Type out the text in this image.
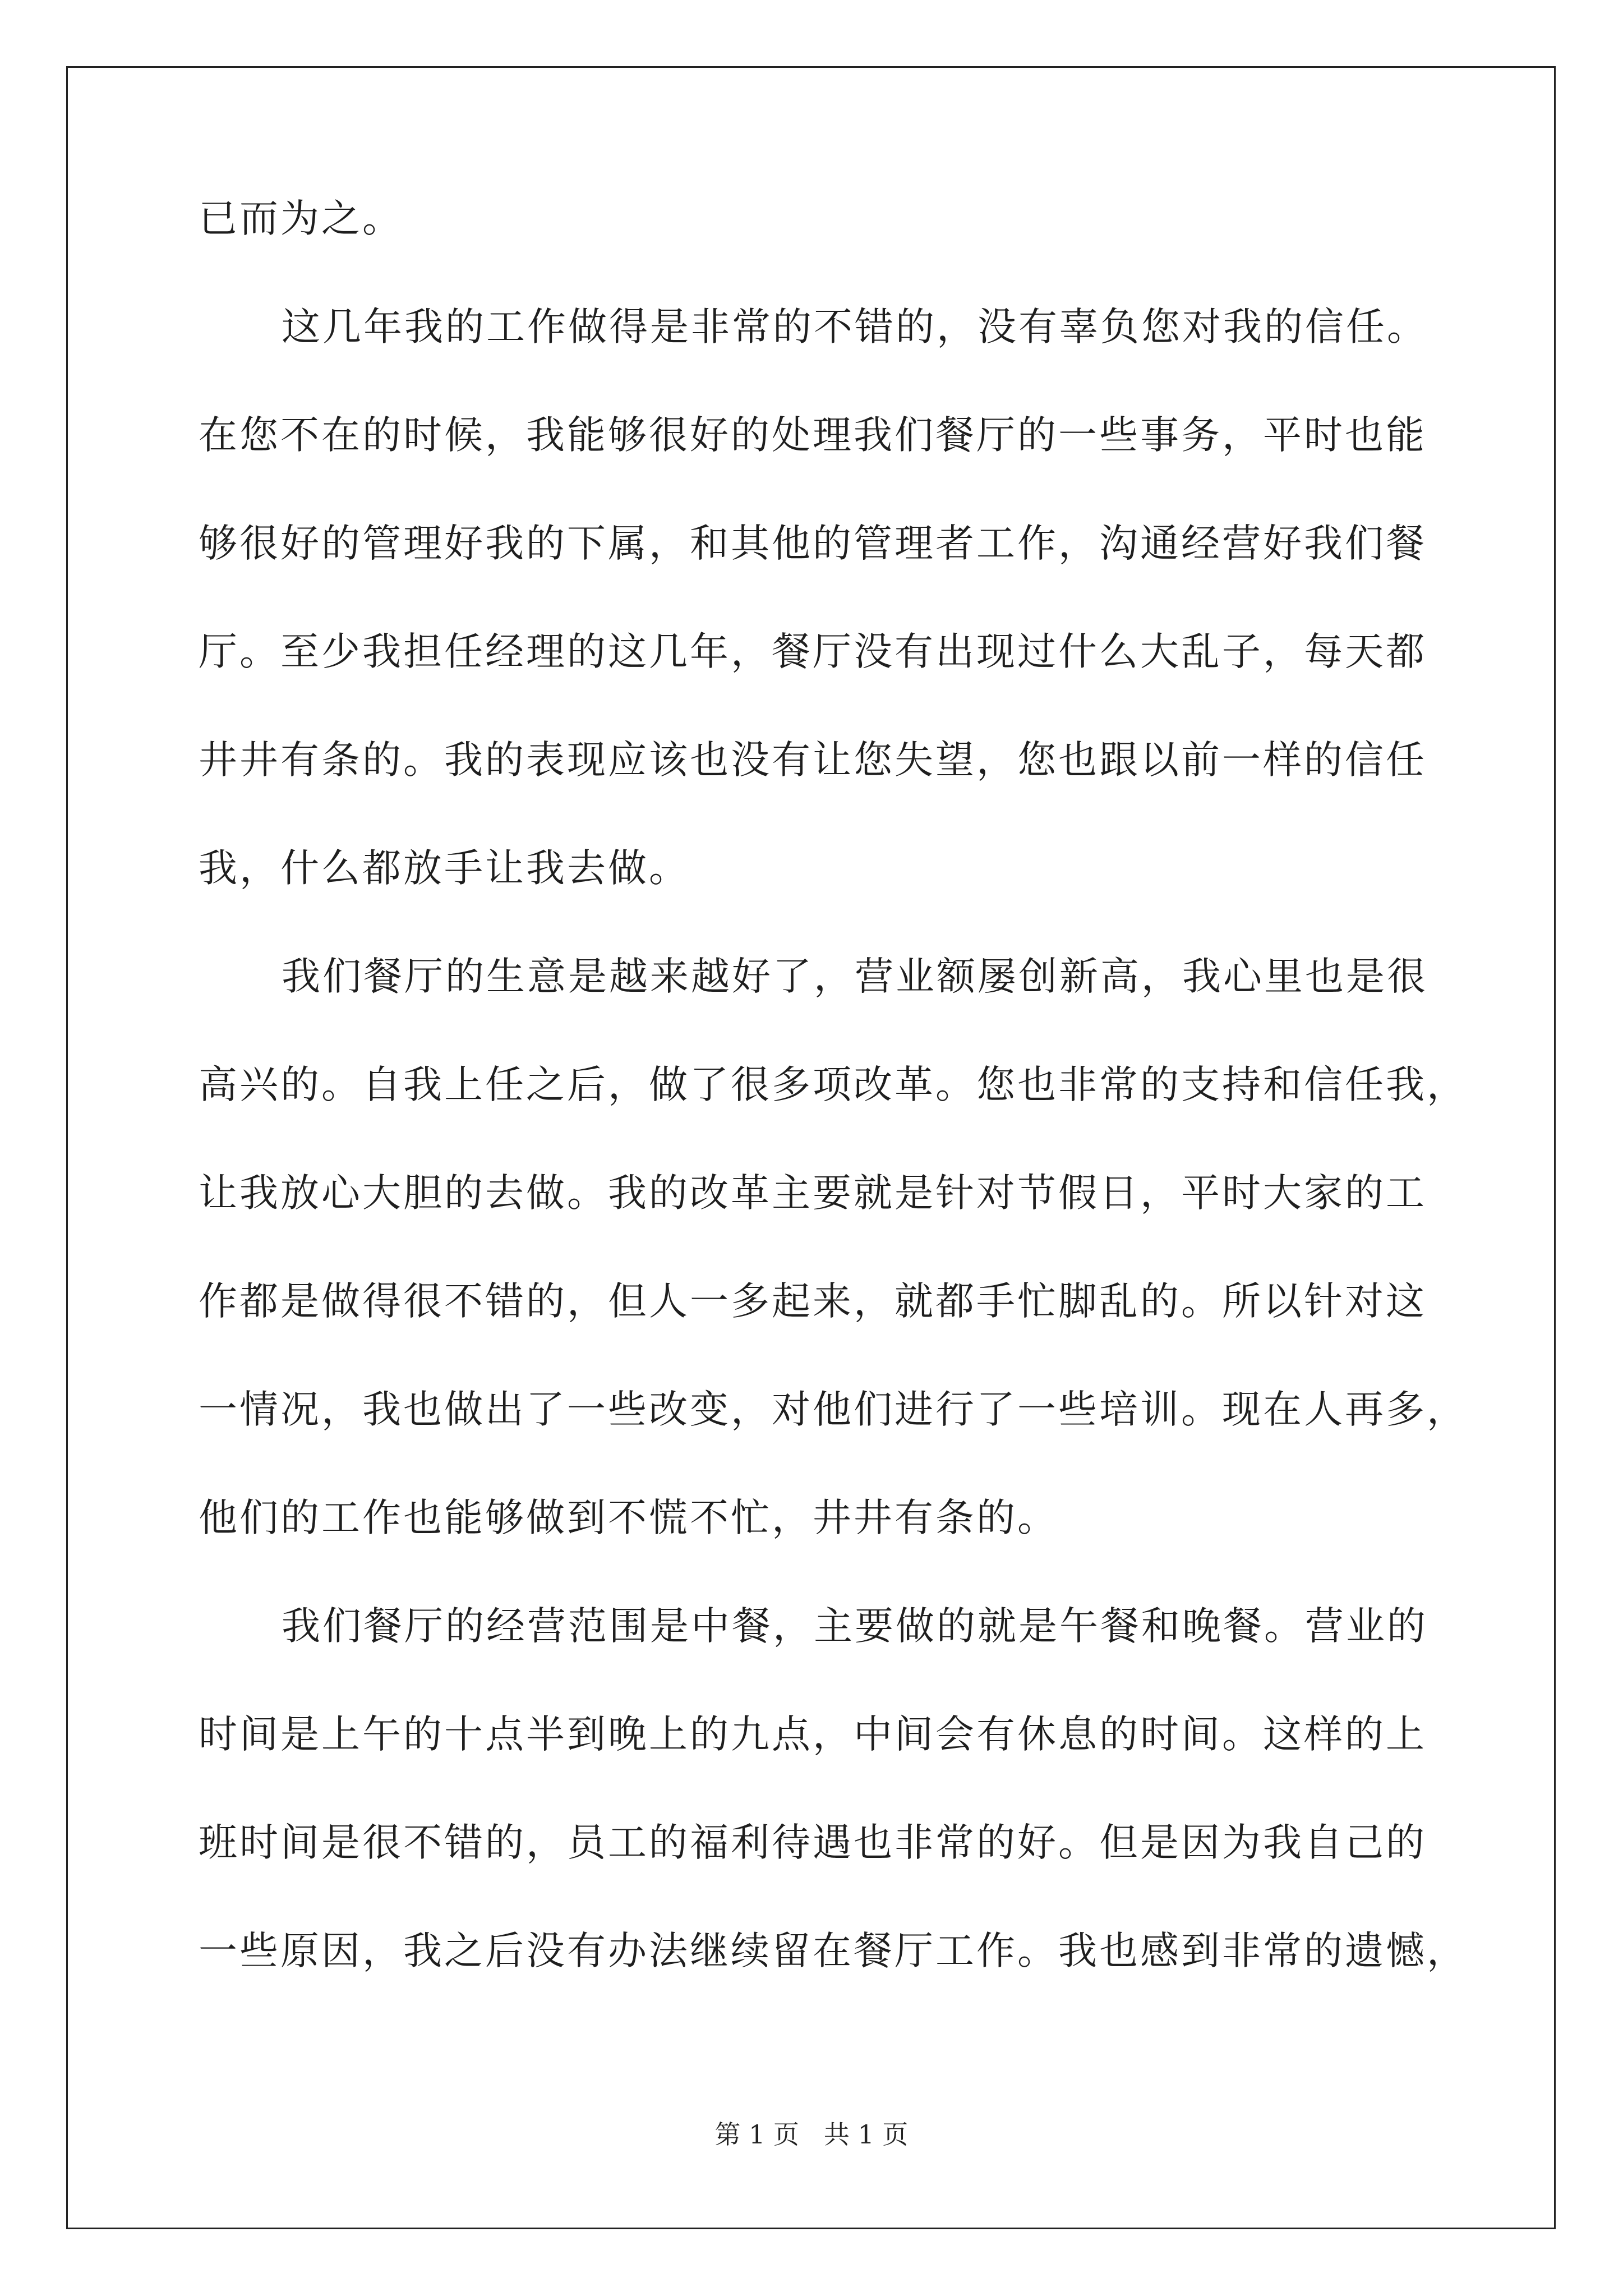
已而为之。
这几年我的工作做得是非常的不错的，没有辜负您对我的信任。
在您不在的时候，我能够很好的处理我们餐厅的一些事务，平时也能
够很好的管理好我的下属，和其他的管理者工作，沟通经营好我们餐
厅。至少我担任经理的这几年，餐厅没有出现过什么大乱子，每天都
井井有条的。我的表现应该也没有让您失望，您也跟以前一样的信任
我，什么都放手让我去做。
我们餐厅的生意是越来越好了，营业额屡创新高，我心里也是很
高兴的。自我上任之后，做了很多项改革。您也非常的支持和信任我，
让我放心大胆的去做。我的改革主要就是针对节假日，平时大家的工
作都是做得很不错的，但人一多起来，就都手忙脚乱的。所以针对这
一情况，我也做出了一些改变，对他们进行了一些培训。现在人再多，
他们的工作也能够做到不慌不忙，井井有条的。
我们餐厅的经营范围是中餐，主要做的就是午餐和晚餐。营业的
时间是上午的十点半到晚上的九点，中间会有休息的时间。这样的上
班时间是很不错的，员工的福利待遇也非常的好。但是因为我自己的
一些原因，我之后没有办法继续留在餐厅工作。我也感到非常的遗憾，
第 1 页   共 1 页
